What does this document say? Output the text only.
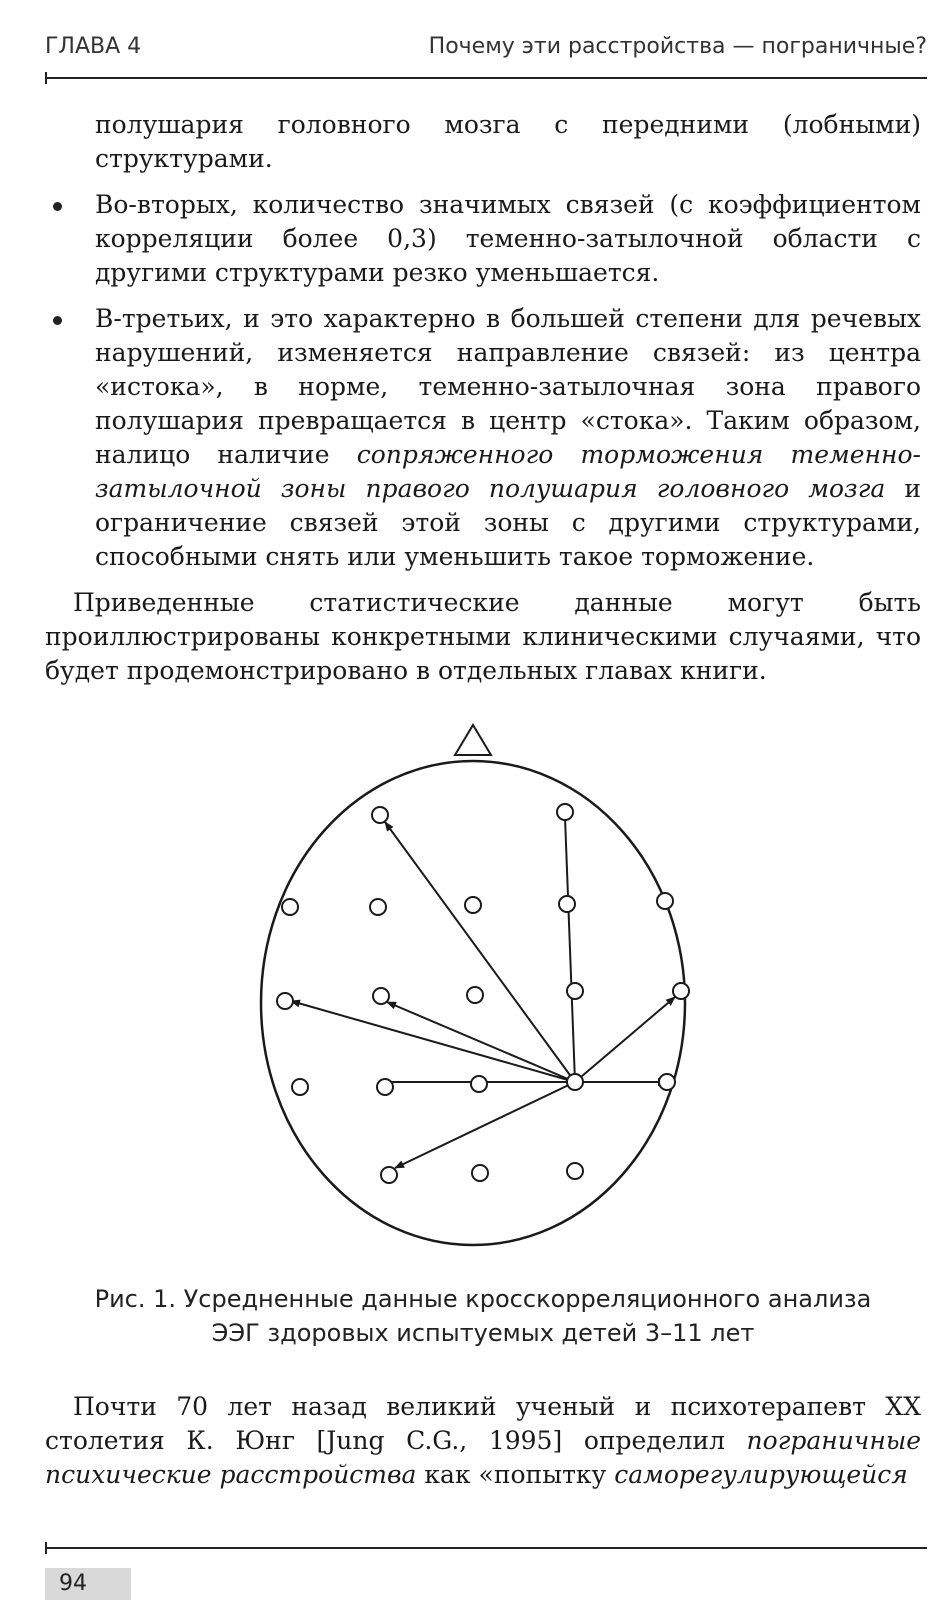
ГЛАВА 4	Почему эти расстройства — пограничные?

полушария головного мозга с передними (лобными) структурами.

Во-вторых, количество значимых связей (с коэффициентом корреляции более 0,3) теменно-затылочной области с другими структурами резко уменьшается.

В-третьих, и это характерно в большей степени для речевых нарушений, изменяется направление связей: из центра «истока», в норме, теменно-затылочная зона правого полушария превращается в центр «стока». Таким образом, налицо наличие сопряженного торможения теменно-затылочной зоны правого полушария головного мозга и ограничение связей этой зоны с другими структурами, способными снять или уменьшить такое торможение.

Приведенные статистические данные могут быть проиллюстрированы конкретными клиническими случаями, что будет продемонстрировано в отдельных главах книги.

Рис. 1. Усредненные данные кросскорреляционного анализа
ЭЭГ здоровых испытуемых детей 3–11 лет

Почти 70 лет назад великий ученый и психотерапевт XX столетия К. Юнг [Jung C.G., 1995] определил пограничные психические расстройства как «попытку саморегулирующейся

94
